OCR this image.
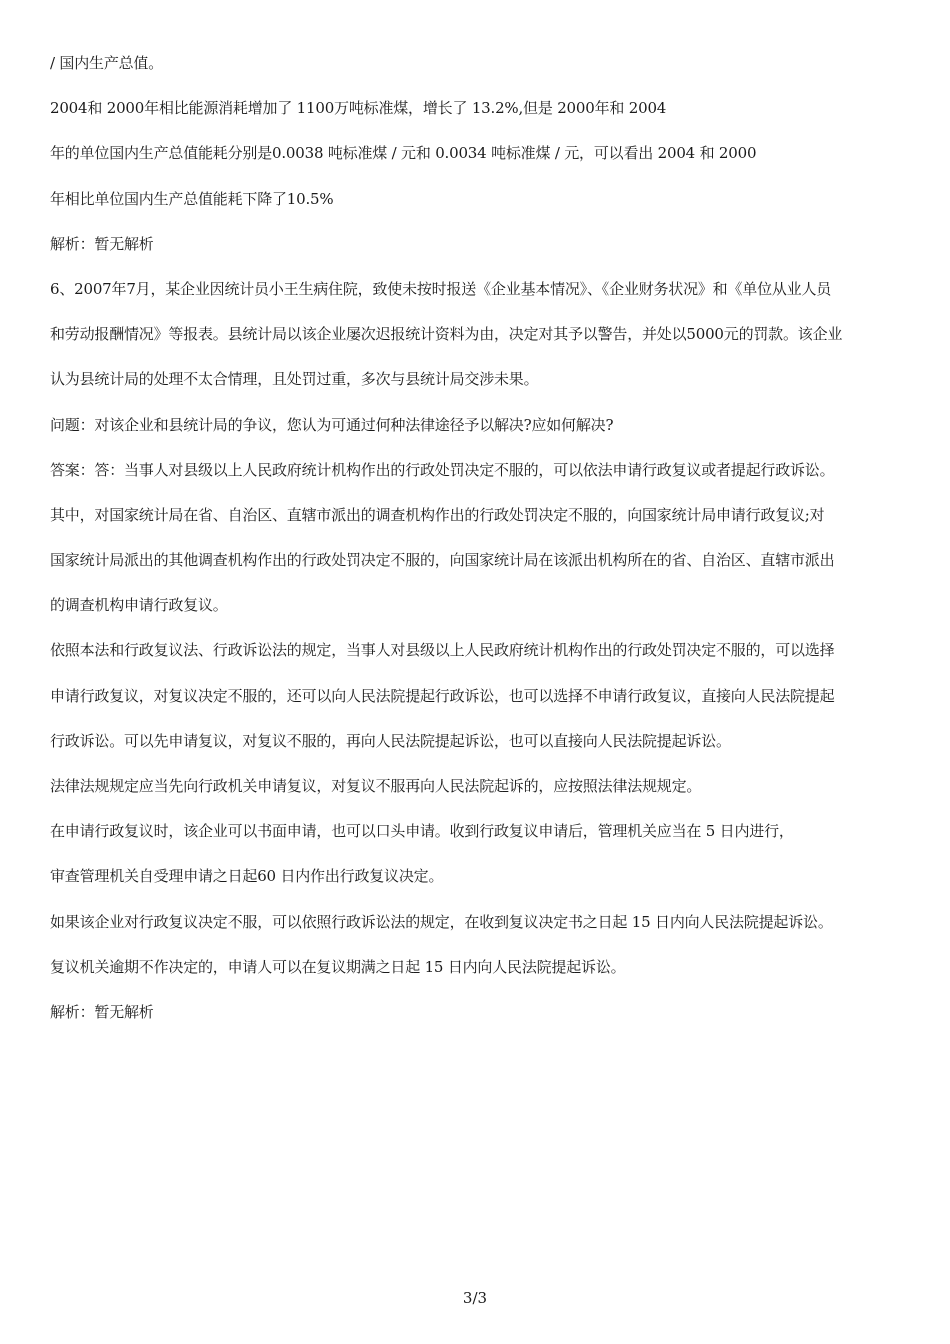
/ 国内生产总值。

2004和 2000年相比能源消耗增加了 1100万吨标准煤，增长了 13.2%,但是 2000年和 2004

年的单位国内生产总值能耗分别是0.0038 吨标准煤 / 元和 0.0034 吨标准煤 / 元，可以看出 2004 和 2000

年相比单位国内生产总值能耗下降了10.5%

解析：暂无解析

6、2007年7月，某企业因统计员小王生病住院，致使未按时报送《企业基本情况》、《企业财务状况》和《单位从业人员

和劳动报酬情况》等报表。县统计局以该企业屡次迟报统计资料为由，决定对其予以警告，并处以5000元的罚款。该企业

认为县统计局的处理不太合情理，且处罚过重，多次与县统计局交涉未果。

问题：对该企业和县统计局的争议，您认为可通过何种法律途径予以解决?应如何解决?

答案：答：当事人对县级以上人民政府统计机构作出的行政处罚决定不服的，可以依法申请行政复议或者提起行政诉讼。

其中，对国家统计局在省、自治区、直辖市派出的调查机构作出的行政处罚决定不服的，向国家统计局申请行政复议;对

国家统计局派出的其他调查机构作出的行政处罚决定不服的，向国家统计局在该派出机构所在的省、自治区、直辖市派出

的调查机构申请行政复议。

依照本法和行政复议法、行政诉讼法的规定，当事人对县级以上人民政府统计机构作出的行政处罚决定不服的，可以选择

申请行政复议，对复议决定不服的，还可以向人民法院提起行政诉讼，也可以选择不申请行政复议，直接向人民法院提起

行政诉讼。可以先申请复议，对复议不服的，再向人民法院提起诉讼，也可以直接向人民法院提起诉讼。

法律法规规定应当先向行政机关申请复议，对复议不服再向人民法院起诉的，应按照法律法规规定。

在申请行政复议时，该企业可以书面申请，也可以口头申请。收到行政复议申请后，管理机关应当在 5 日内进行，

审查管理机关自受理申请之日起60 日内作出行政复议决定。

如果该企业对行政复议决定不服，可以依照行政诉讼法的规定，在收到复议决定书之日起 15 日内向人民法院提起诉讼。

复议机关逾期不作决定的，申请人可以在复议期满之日起 15 日内向人民法院提起诉讼。

解析：暂无解析

3/3
